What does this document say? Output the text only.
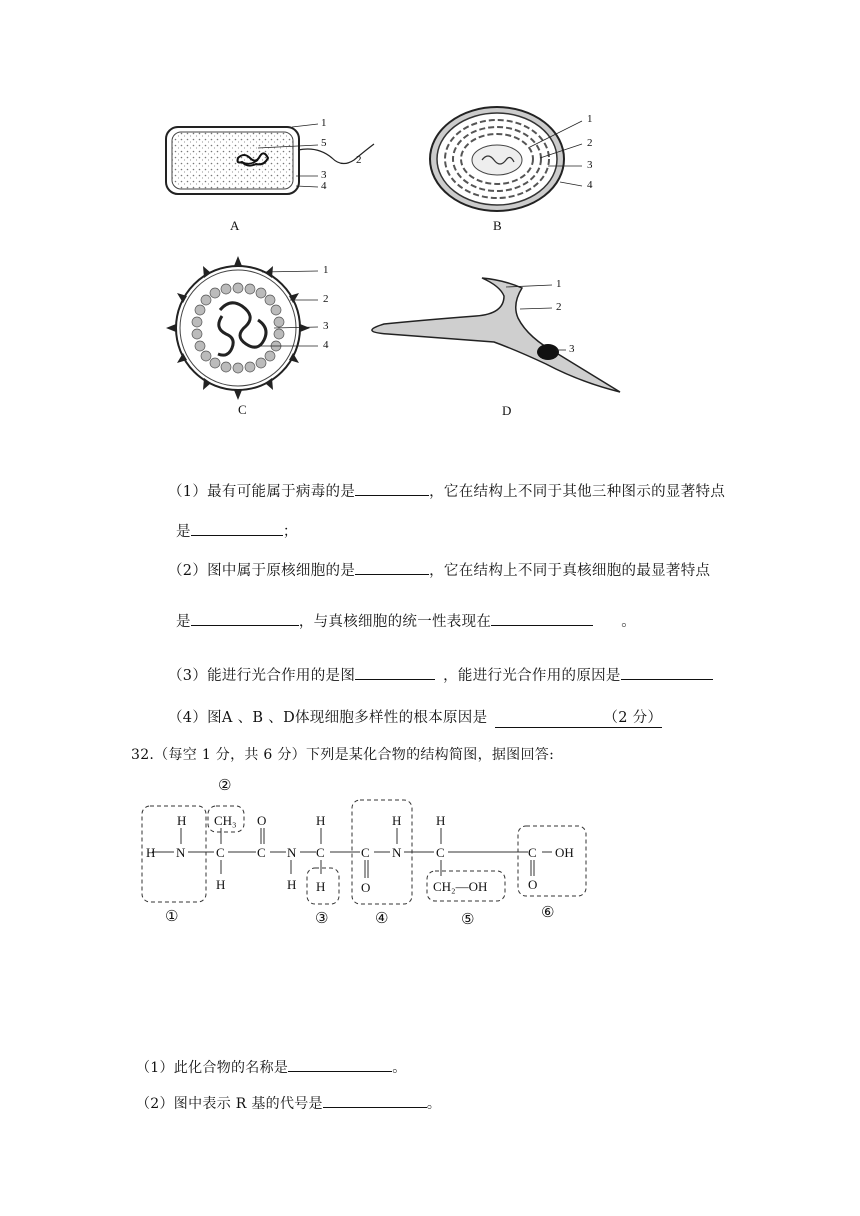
A	B
C	D
1
5
2
3
4
1
2
3
4
1
2
3
4
1
2
3
（1）最有可能属于病毒的是	，它在结构上不同于其他三种图示的显著特点
是	；
（2）图中属于原核细胞的是	，它在结构上不同于真核细胞的最显著特点
是	，与真核细胞的统一性表现在	。
（3）能进行光合作用的是图	，能进行光合作用的原因是
（4）图A 、B 、D体现细胞多样性的根本原因是	（2 分）
32.（每空 1 分，共 6 分）下列是某化合物的结构简图，据图回答:
H
H N
CH₃
C
H
O
C N
H
H
C
H
C
O
H
N
H
C
CH₂—OH
C OH
O
①
②
③	④	⑤	⑥
（1）此化合物的名称是	。
（2）图中表示 R 基的代号是	。
